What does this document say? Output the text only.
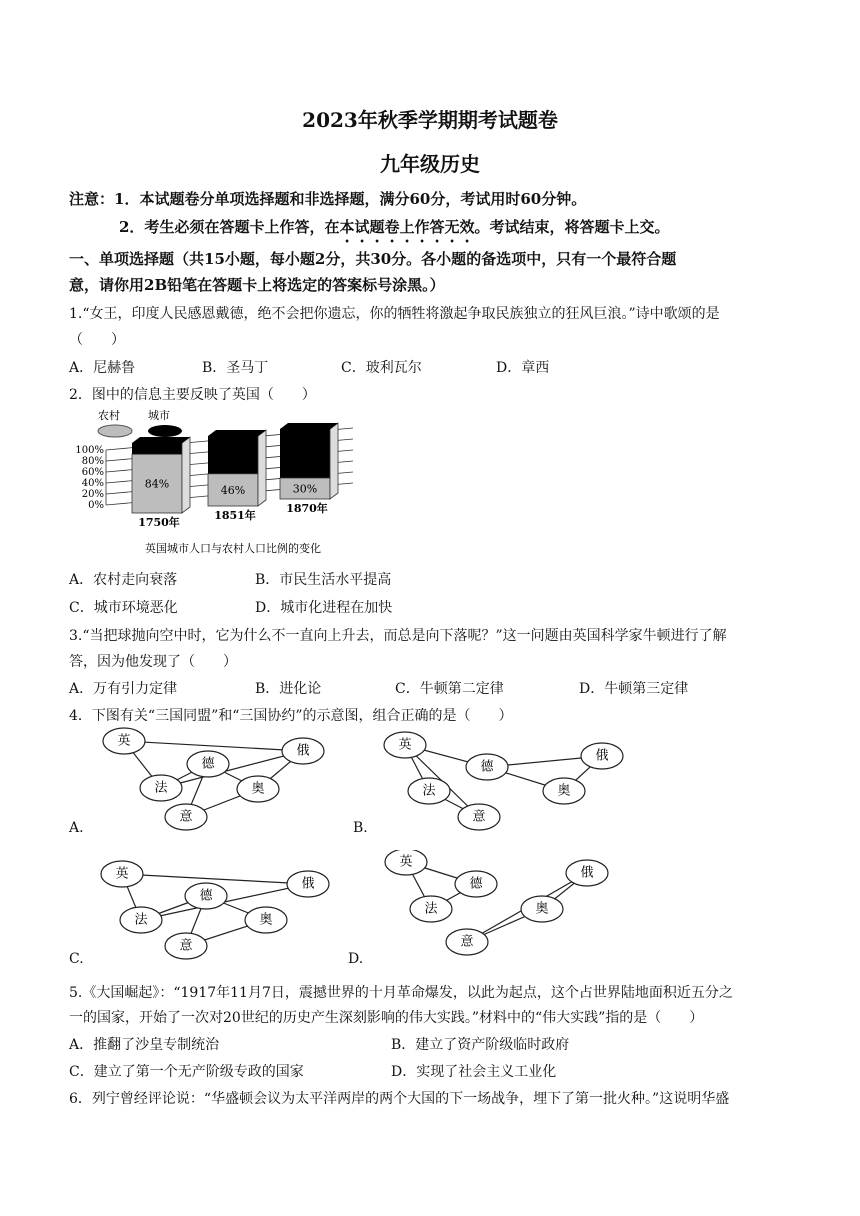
2023年秋季学期期考试题卷
九年级历史
注意：1．本试题卷分单项选择题和非选择题，满分60分，考试用时60分钟。
2．考生必须在答题卡上作答，在本试题卷上作答无效。考试结束，将答题卡上交。
一、单项选择题（共15小题，每小题2分，共30分。各小题的备选项中，只有一个最符合题
意，请你用2B铅笔在答题卡上将选定的答案标号涂黑。）
1.“女王，印度人民感恩戴德，绝不会把你遗忘，你的牺牲将激起争取民族独立的狂风巨浪。”诗中歌颂的是
（　　）
A．尼赫鲁	B．圣马丁	C．玻利瓦尔	D．章西
2．图中的信息主要反映了英国（　　）
农村	城市
100%
80%
60%
40%
20%
0%
84%
1750年
46%
1851年
30%
1870年
英国城市人口与农村人口比例的变化
A．农村走向衰落	B．市民生活水平提高
C．城市环境恶化	D．城市化进程在加快
3.“当把球抛向空中时，它为什么不一直向上升去，而总是向下落呢？”这一问题由英国科学家牛顿进行了解
答，因为他发现了（　　）
A．万有引力定律	B．进化论	C．牛顿第二定律	D．牛顿第三定律
4．下图有关“三国同盟”和“三国协约”的示意图，组合正确的是（　　）
A.
英
德
俄
法	奥
意
B.
英
德
俄
法	奥
意
C.
英
德
俄
法	奥
意
D.
英
德
俄
法	奥
意
5.《大国崛起》：“1917年11月7日，震撼世界的十月革命爆发，以此为起点，这个占世界陆地面积近五分之
一的国家，开始了一次对20世纪的历史产生深刻影响的伟大实践。”材料中的“伟大实践”指的是（　　）
A．推翻了沙皇专制统治	B．建立了资产阶级临时政府
C．建立了第一个无产阶级专政的国家	D．实现了社会主义工业化
6．列宁曾经评论说：“华盛顿会议为太平洋两岸的两个大国的下一场战争，埋下了第一批火种。”这说明华盛
